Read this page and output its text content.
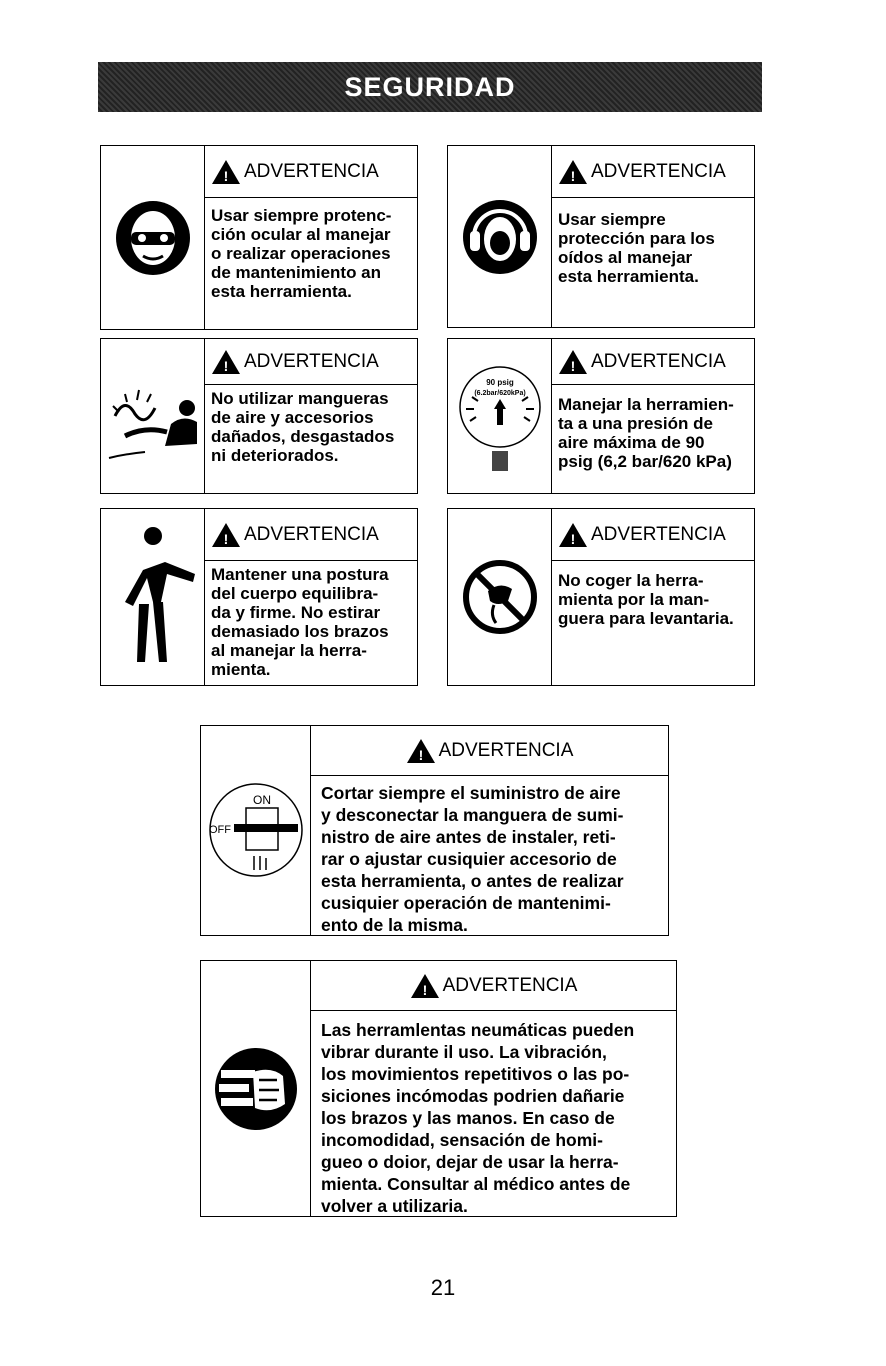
SEGURIDAD
! ADVERTENCIA
Usar siempre protenc-
ción ocular al manejar
o realizar operaciones
de mantenimiento an
esta herramienta.
! ADVERTENCIA
Usar siempre
protección para los
oídos al manejar
esta herramienta.
! ADVERTENCIA
No utilizar mangueras
de aire y accesorios
dañados, desgastados
ni deteriorados.
90 psig
(6.2bar/620kPa)
! ADVERTENCIA
Manejar la herramien-
ta a una presión de
aire máxima de 90
psig (6,2 bar/620 kPa)
! ADVERTENCIA
Mantener una postura
del cuerpo equilibra-
da y firme. No estirar
demasiado los brazos
al manejar la herra-
mienta.
! ADVERTENCIA
No coger la herra-
mienta por la man-
guera para levantaria.
ON
OFF
! ADVERTENCIA
Cortar siempre el suministro de aire
y desconectar la manguera de sumi-
nistro de aire antes de instaler, reti-
rar o ajustar cusiquier accesorio de
esta herramienta, o antes de realizar
cusiquier operación de mantenimi-
ento de la misma.
! ADVERTENCIA
Las herramlentas neumáticas pueden
vibrar durante il uso. La vibración,
los movimientos repetitivos o las po-
siciones incómodas podrien dañarie
los brazos y las manos. En caso de
incomodidad, sensación de homi-
gueo o doior, dejar de usar la herra-
mienta. Consultar al médico antes de
volver a utilizaria.
21
